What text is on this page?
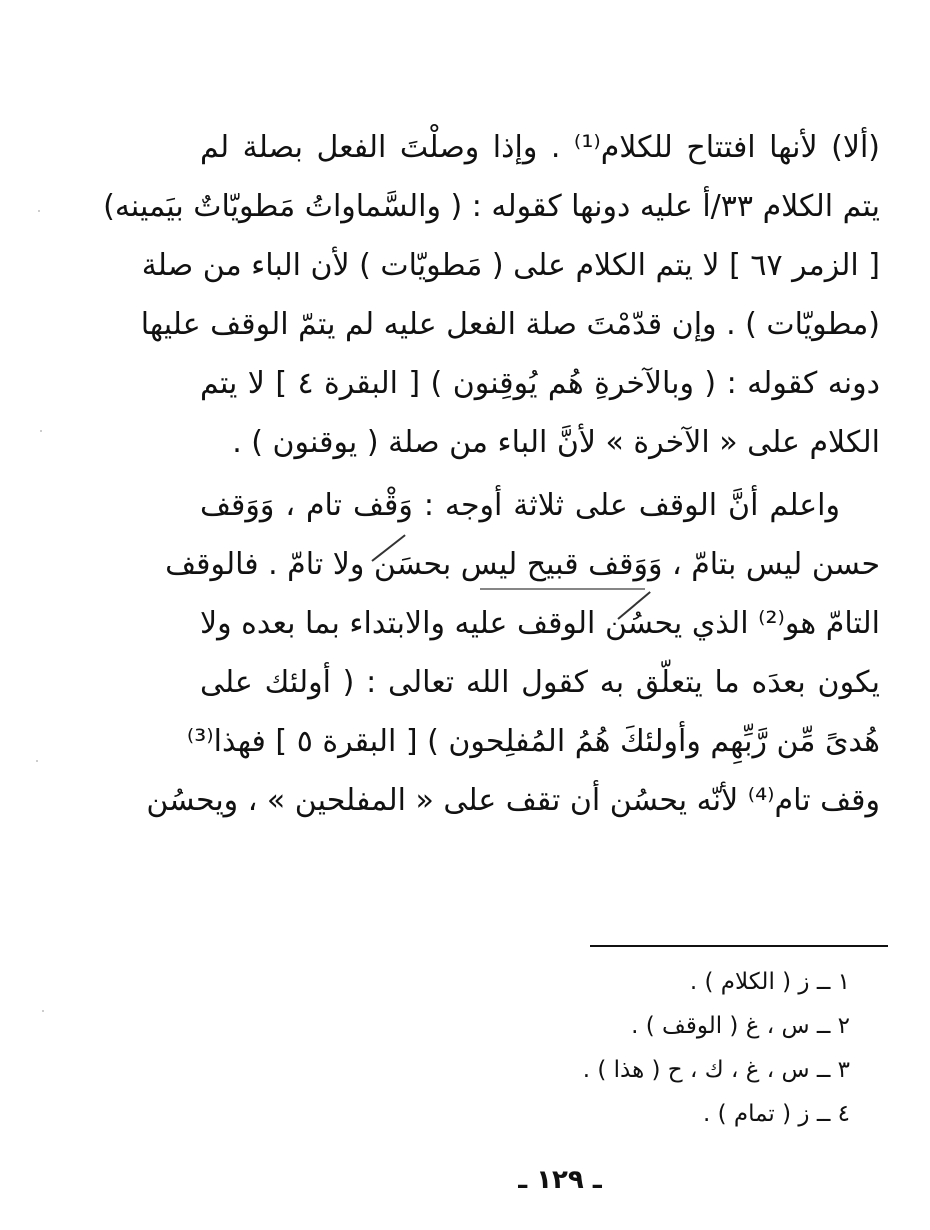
(ألا) لأنها افتتاح للكلام⁽¹⁾ . وإذا وصلْتَ الفعل بصلة لم
يتم الكلام ٣٣/أ عليه دونها كقوله : ( والسَّماواتُ مَطويّاتٌ بيَمينه)
[ الزمر ٦٧ ] لا يتم الكلام على ( مَطويّات ) لأن الباء من صلة
(مطويّات ) . وإن قدّمْتَ صلة الفعل عليه لم يتمّ الوقف عليها
دونه كقوله : ( وبالآخرةِ هُم يُوقِنون ) [ البقرة ٤ ] لا يتم
الكلام على « الآخرة » لأنَّ الباء من صلة ( يوقنون ) .
واعلم أنَّ الوقف على ثلاثة أوجه : وَقْف تام ، وَوَقف
حسن ليس بتامّ ، وَوَقف قبيح ليس بحسَن ولا تامّ . فالوقف
التامّ هو⁽²⁾ الذي يحسُن الوقف عليه والابتداء بما بعده ولا
يكون بعدَه ما يتعلّق به كقول الله تعالى : ( أولئك على
هُدىً مِّن رَّبِّهِم وأولئكَ هُمُ المُفلِحون ) [ البقرة ٥ ] فهذا⁽³⁾
وقف تام⁽⁴⁾ لأنّه يحسُن أن تقف على « المفلحين » ، ويحسُن
١ ــ ز ( الكلام ) .
٢ ــ س ، غ ( الوقف ) .
٣ ــ س ، غ ، ك ، ح ( هذا ) .
٤ ــ ز ( تمام ) .
ـ ١٢٩ ـ
